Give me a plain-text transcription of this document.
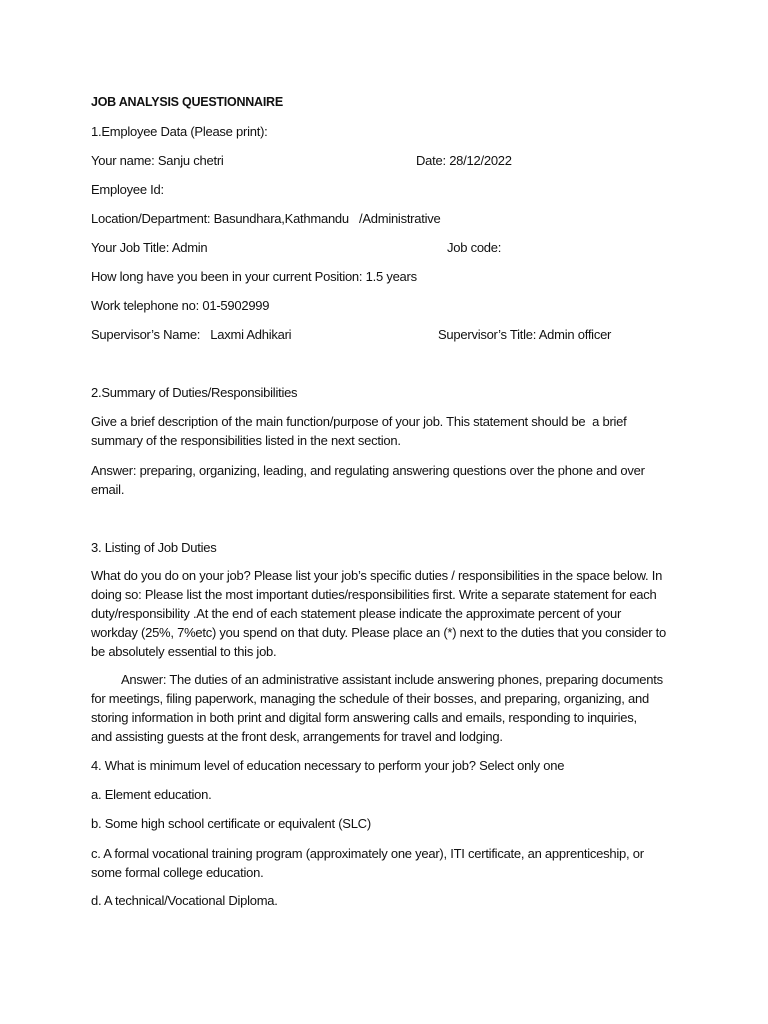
JOB ANALYSIS QUESTIONNAIRE
1.Employee Data (Please print):
Your name: Sanju chetri	Date: 28/12/2022
Employee Id:
Location/Department: Basundhara,Kathmandu   /Administrative
Your Job Title: Admin	Job code:
How long have you been in your current Position: 1.5 years
Work telephone no: 01-5902999
Supervisor’s Name: Laxmi Adhikari	Supervisor’s Title: Admin officer
2.Summary of Duties/Responsibilities
Give a brief description of the main function/purpose of your job. This statement should be  a brief
summary of the responsibilities listed in the next section.
Answer: preparing, organizing, leading, and regulating answering questions over the phone and over
email.
3. Listing of Job Duties
What do you do on your job? Please list your job’s specific duties / responsibilities in the space below. In
doing so: Please list the most important duties/responsibilities first. Write a separate statement for each
duty/responsibility .At the end of each statement please indicate the approximate percent of your
workday (25%, 7%etc) you spend on that duty. Please place an (*) next to the duties that you consider to
be absolutely essential to this job.
Answer: The duties of an administrative assistant include answering phones, preparing documents
for meetings, filing paperwork, managing the schedule of their bosses, and preparing, organizing, and
storing information in both print and digital form answering calls and emails, responding to inquiries,
and assisting guests at the front desk, arrangements for travel and lodging.
4. What is minimum level of education necessary to perform your job? Select only one
a. Element education.
b. Some high school certificate or equivalent (SLC)
c. A formal vocational training program (approximately one year), ITI certificate, an apprenticeship, or
some formal college education.
d. A technical/Vocational Diploma.
